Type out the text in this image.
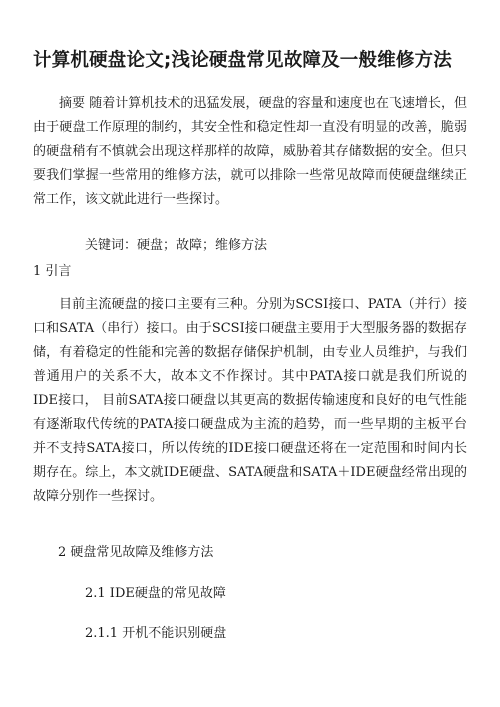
计算机硬盘论文;浅论硬盘常见故障及一般维修方法

摘要 随着计算机技术的迅猛发展，硬盘的容量和速度也在飞速增长，但由于硬盘工作原理的制约，其安全性和稳定性却一直没有明显的改善，脆弱的硬盘稍有不慎就会出现这样那样的故障，威胁着其存储数据的安全。但只要我们掌握一些常用的维修方法，就可以排除一些常见故障而使硬盘继续正常工作，该文就此进行一些探讨。

关键词：硬盘；故障；维修方法
1 引言

目前主流硬盘的接口主要有三种。分别为SCSI接口、PATA（并行）接口和SATA（串行）接口。由于SCSI接口硬盘主要用于大型服务器的数据存储，有着稳定的性能和完善的数据存储保护机制，由专业人员维护，与我们普通用户的关系不大，故本文不作探讨。其中PATA接口就是我们所说的IDE接口， 目前SATA接口硬盘以其更高的数据传输速度和良好的电气性能有逐渐取代传统的PATA接口硬盘成为主流的趋势，而一些早期的主板平台并不支持SATA接口，所以传统的IDE接口硬盘还将在一定范围和时间内长期存在。综上，本文就IDE硬盘、SATA硬盘和SATA＋IDE硬盘经常出现的故障分别作一些探讨。

2 硬盘常见故障及维修方法
2.1 IDE硬盘的常见故障
2.1.1 开机不能识别硬盘
